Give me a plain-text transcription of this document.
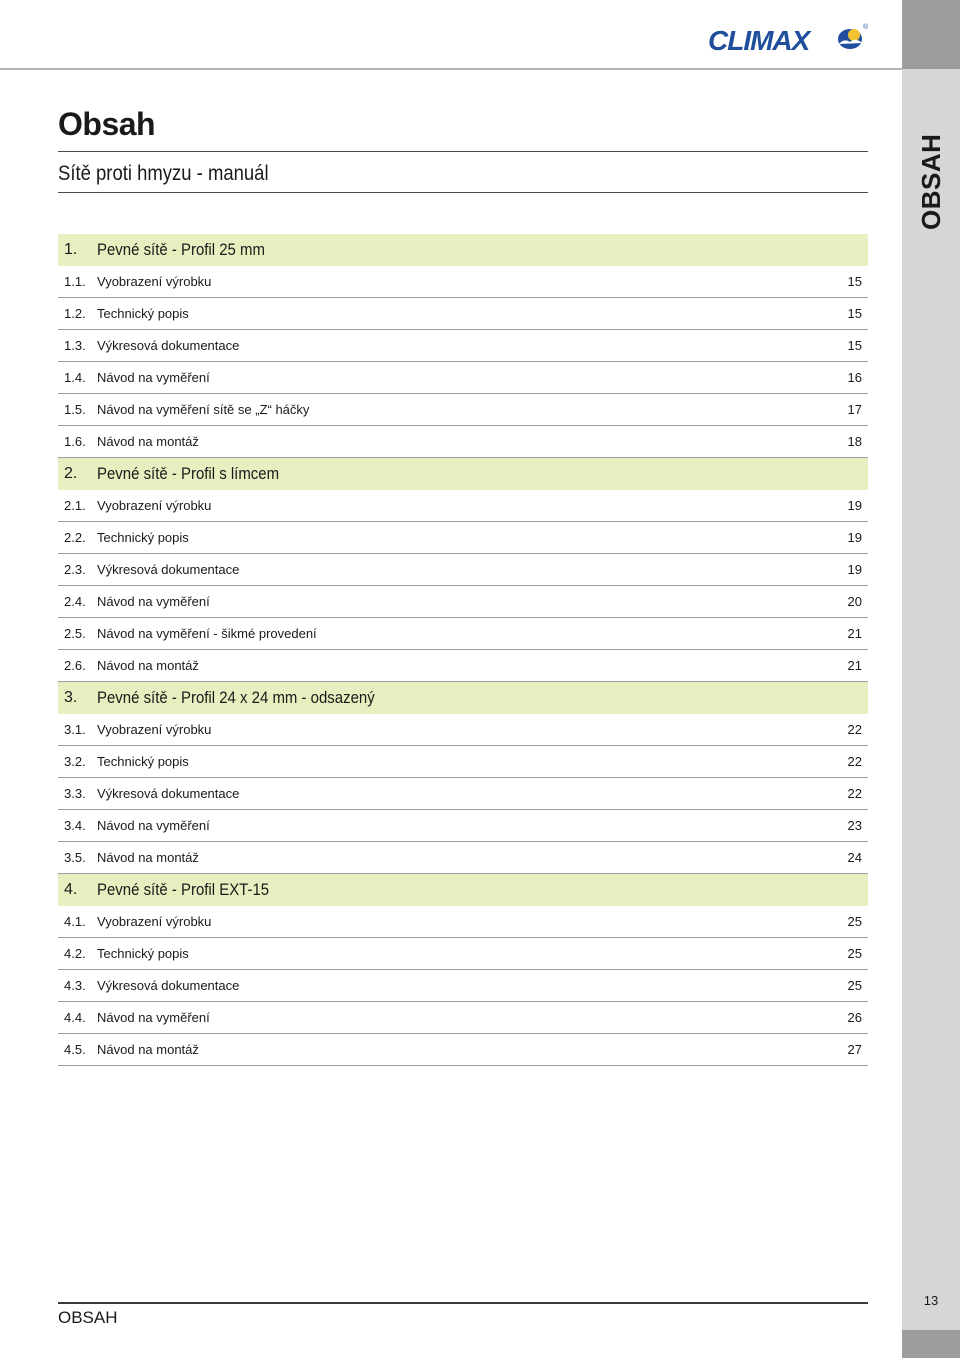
OBSAH
13
CLIMAX	®
Obsah
Sítě proti hmyzu - manuál
1. Pevné sítě - Profil 25 mm
1.1. Vyobrazení výrobku	15
1.2. Technický popis	15
1.3. Výkresová dokumentace	15
1.4. Návod na vyměření	16
1.5. Návod na vyměření sítě se „Z“ háčky	17
1.6. Návod na montáž	18
2. Pevné sítě - Profil s límcem
2.1. Vyobrazení výrobku	19
2.2. Technický popis	19
2.3. Výkresová dokumentace	19
2.4. Návod na vyměření	20
2.5. Návod na vyměření - šikmé provedení	21
2.6. Návod na montáž	21
3. Pevné sítě - Profil 24 x 24 mm - odsazený
3.1. Vyobrazení výrobku	22
3.2. Technický popis	22
3.3. Výkresová dokumentace	22
3.4. Návod na vyměření	23
3.5. Návod na montáž	24
4. Pevné sítě - Profil EXT-15
4.1. Vyobrazení výrobku	25
4.2. Technický popis	25
4.3. Výkresová dokumentace	25
4.4. Návod na vyměření	26
4.5. Návod na montáž	27
OBSAH
